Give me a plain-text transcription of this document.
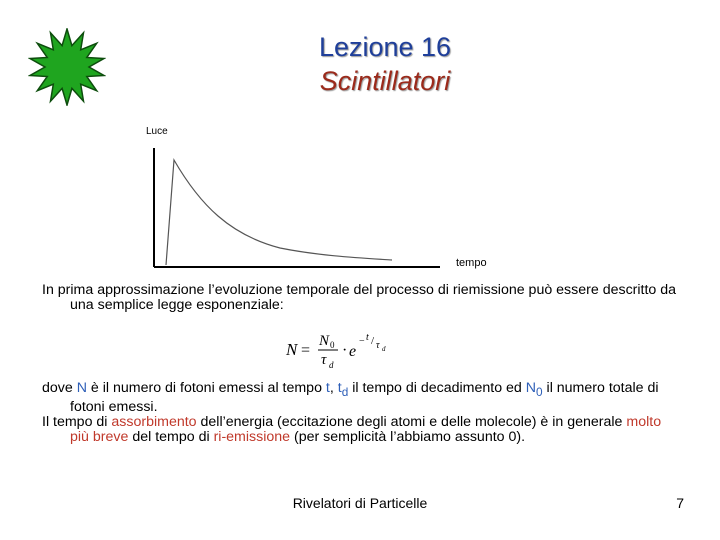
Lezione 16
Scintillatori
Luce
tempo

In prima approssimazione l’evoluzione temporale del processo di riemissione può essere descritto da una semplice legge esponenziale:

N =
N 0
τ d
· e
− t / τ d

dove N è il numero di fotoni emessi al tempo t, $t_d$ il tempo di decadimento ed $N_0$ il numero totale di fotoni emessi.

Il tempo di assorbimento dell’energia (eccitazione degli atomi e delle molecole) è in generale molto più breve del tempo di ri-emissione (per semplicità l’abbiamo assunto 0).

Rivelatori di Particelle	7
